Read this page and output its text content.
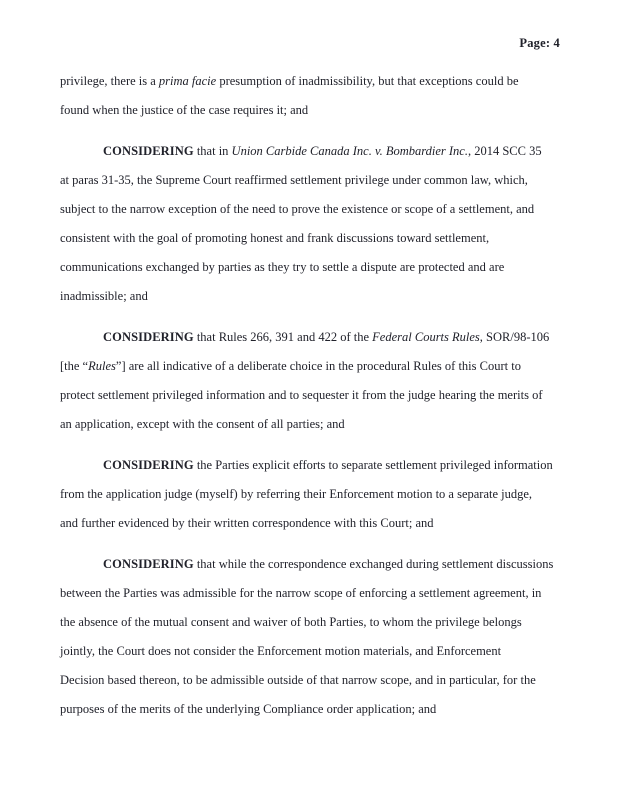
Page: 4
privilege, there is a prima facie presumption of inadmissibility, but that exceptions could be
found when the justice of the case requires it; and
CONSIDERING that in Union Carbide Canada Inc. v. Bombardier Inc., 2014 SCC 35
at paras 31-35, the Supreme Court reaffirmed settlement privilege under common law, which,
subject to the narrow exception of the need to prove the existence or scope of a settlement, and
consistent with the goal of promoting honest and frank discussions toward settlement,
communications exchanged by parties as they try to settle a dispute are protected and are
inadmissible; and
CONSIDERING that Rules 266, 391 and 422 of the Federal Courts Rules, SOR/98-106
[the “Rules”] are all indicative of a deliberate choice in the procedural Rules of this Court to
protect settlement privileged information and to sequester it from the judge hearing the merits of
an application, except with the consent of all parties; and
CONSIDERING the Parties explicit efforts to separate settlement privileged information
from the application judge (myself) by referring their Enforcement motion to a separate judge,
and further evidenced by their written correspondence with this Court; and
CONSIDERING that while the correspondence exchanged during settlement discussions
between the Parties was admissible for the narrow scope of enforcing a settlement agreement, in
the absence of the mutual consent and waiver of both Parties, to whom the privilege belongs
jointly, the Court does not consider the Enforcement motion materials, and Enforcement
Decision based thereon, to be admissible outside of that narrow scope, and in particular, for the
purposes of the merits of the underlying Compliance order application; and
